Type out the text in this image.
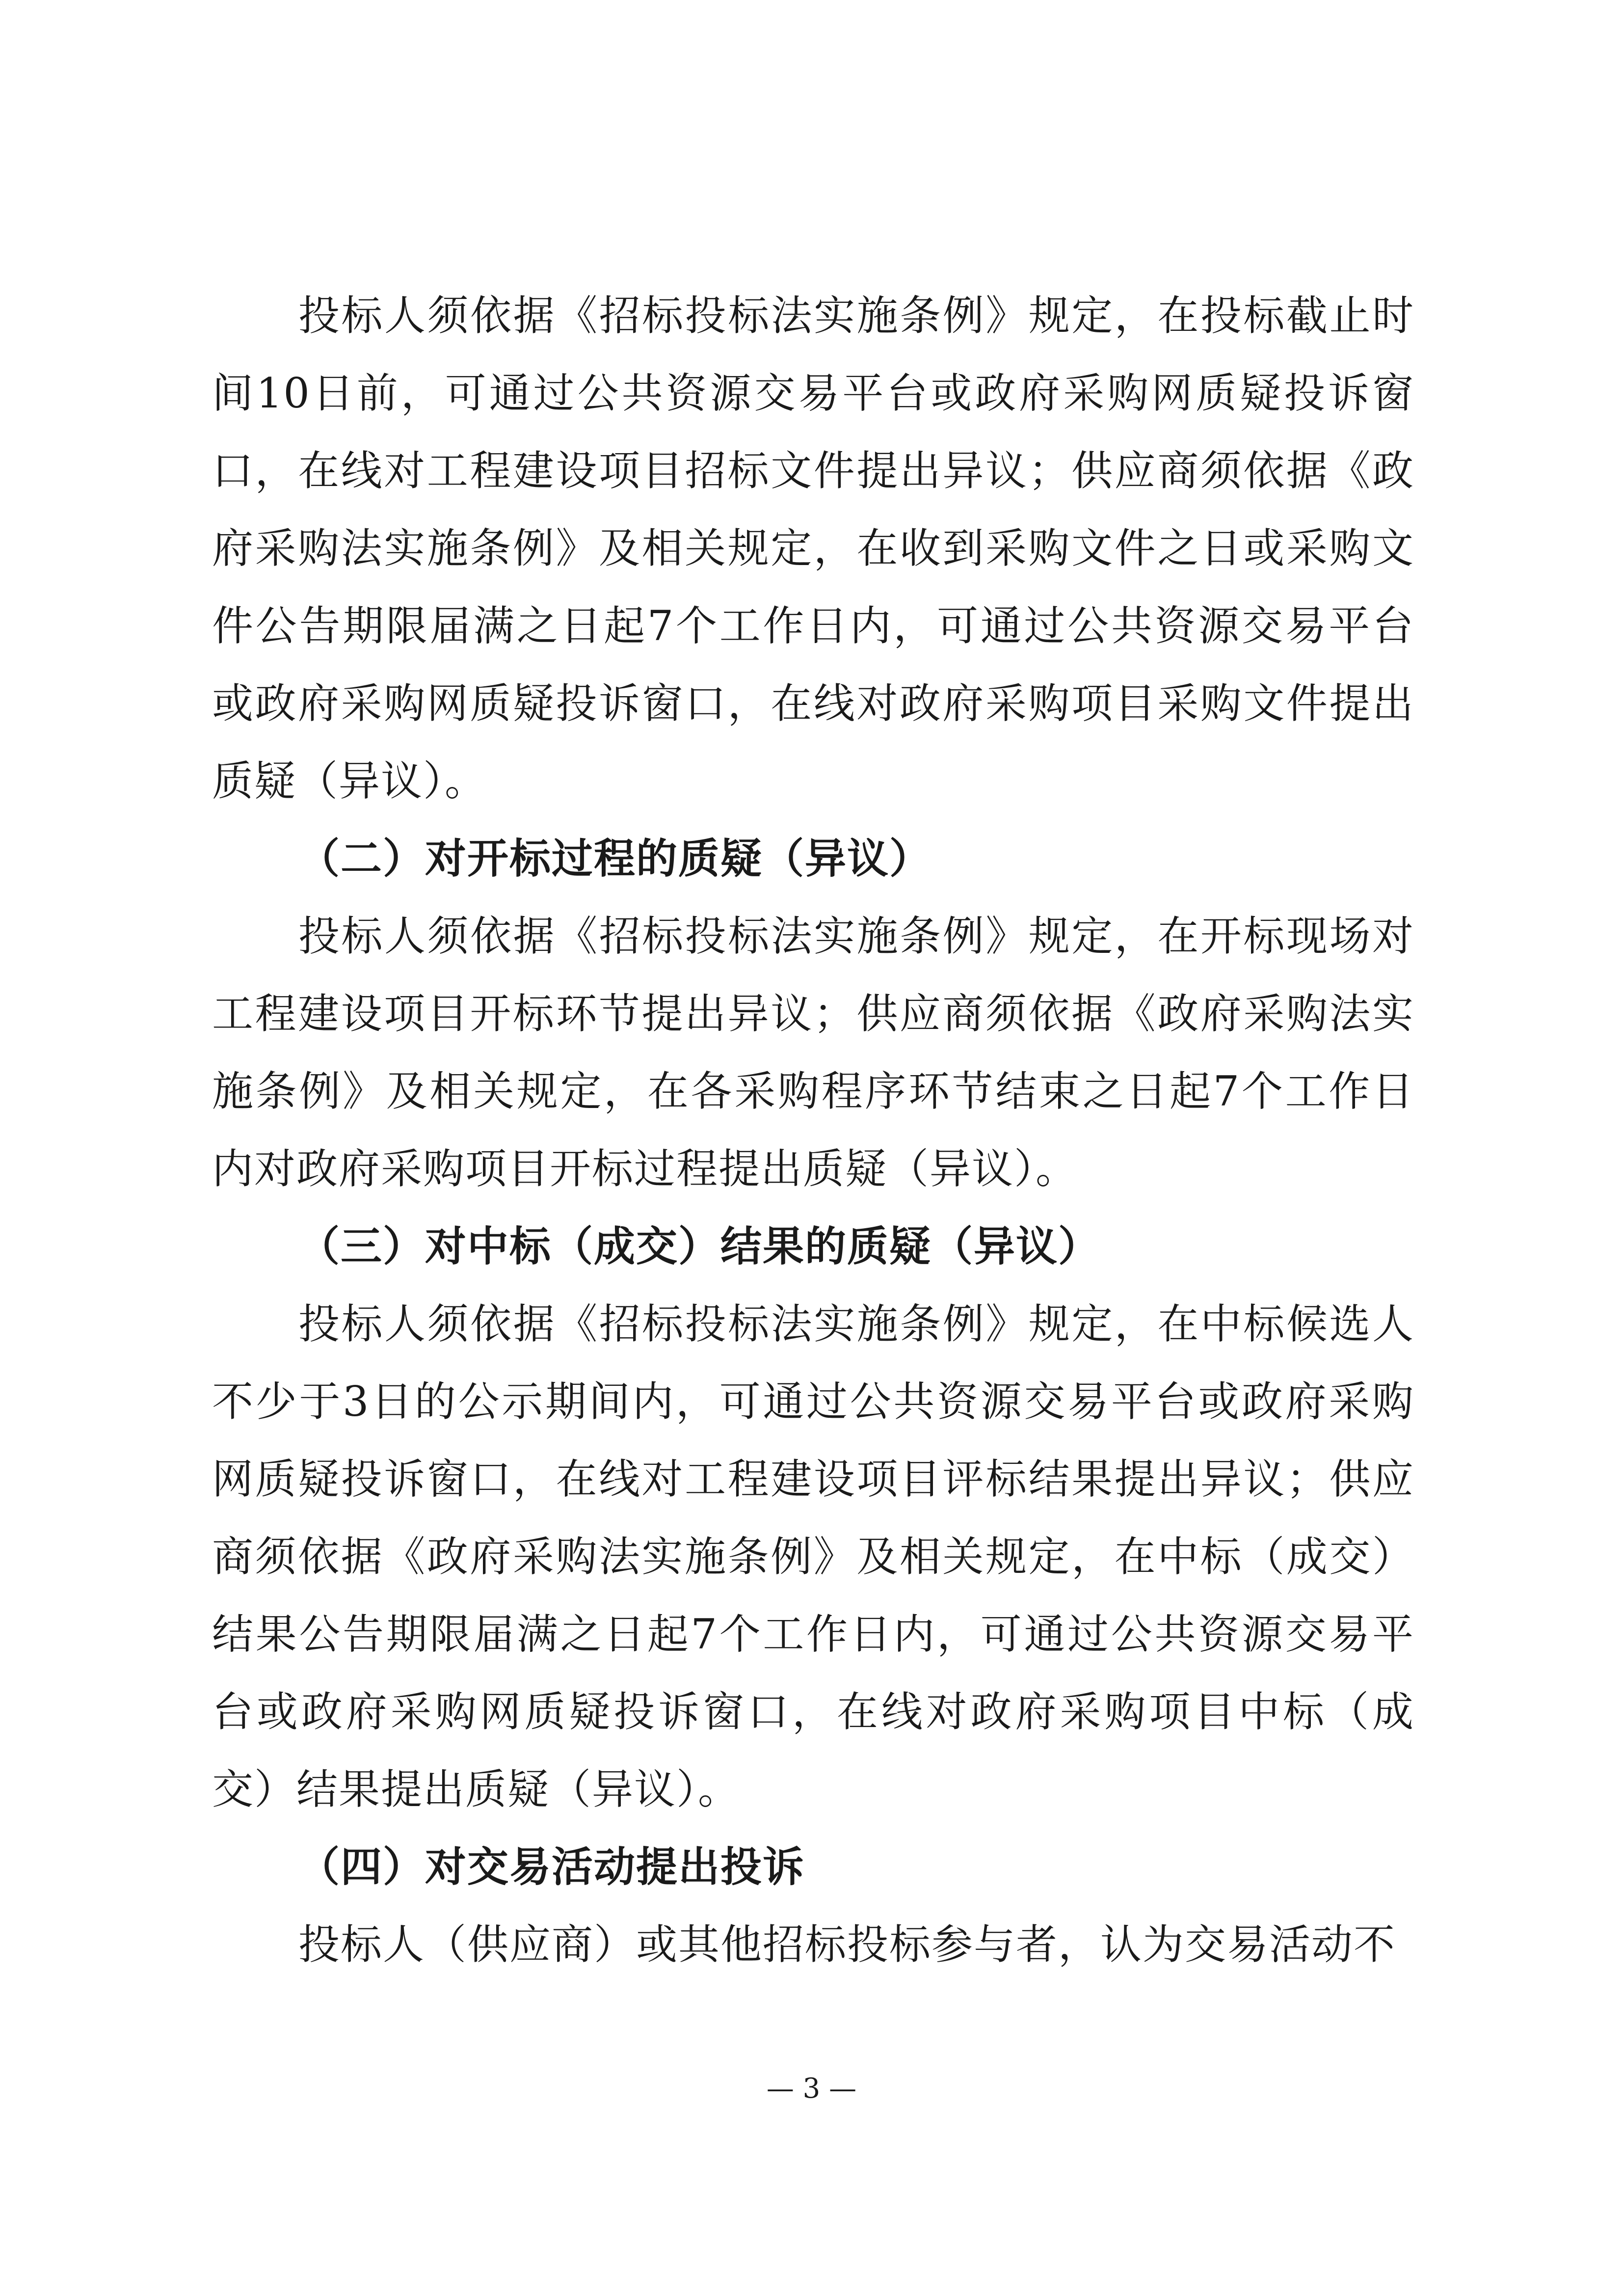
投标人须依据《招标投标法实施条例》规定，在投标截止时间10日前，可通过公共资源交易平台或政府采购网质疑投诉窗口，在线对工程建设项目招标文件提出异议；供应商须依据《政府采购法实施条例》及相关规定，在收到采购文件之日或采购文件公告期限届满之日起7个工作日内，可通过公共资源交易平台或政府采购网质疑投诉窗口，在线对政府采购项目采购文件提出质疑（异议）。

（二）对开标过程的质疑（异议）

投标人须依据《招标投标法实施条例》规定，在开标现场对工程建设项目开标环节提出异议；供应商须依据《政府采购法实施条例》及相关规定，在各采购程序环节结束之日起7个工作日内对政府采购项目开标过程提出质疑（异议）。

（三）对中标（成交）结果的质疑（异议）

投标人须依据《招标投标法实施条例》规定，在中标候选人不少于3日的公示期间内，可通过公共资源交易平台或政府采购网质疑投诉窗口，在线对工程建设项目评标结果提出异议；供应商须依据《政府采购法实施条例》及相关规定，在中标（成交）结果公告期限届满之日起7个工作日内，可通过公共资源交易平台或政府采购网质疑投诉窗口，在线对政府采购项目中标（成交）结果提出质疑（异议）。

（四）对交易活动提出投诉

投标人（供应商）或其他招标投标参与者，认为交易活动不

— 3 —
